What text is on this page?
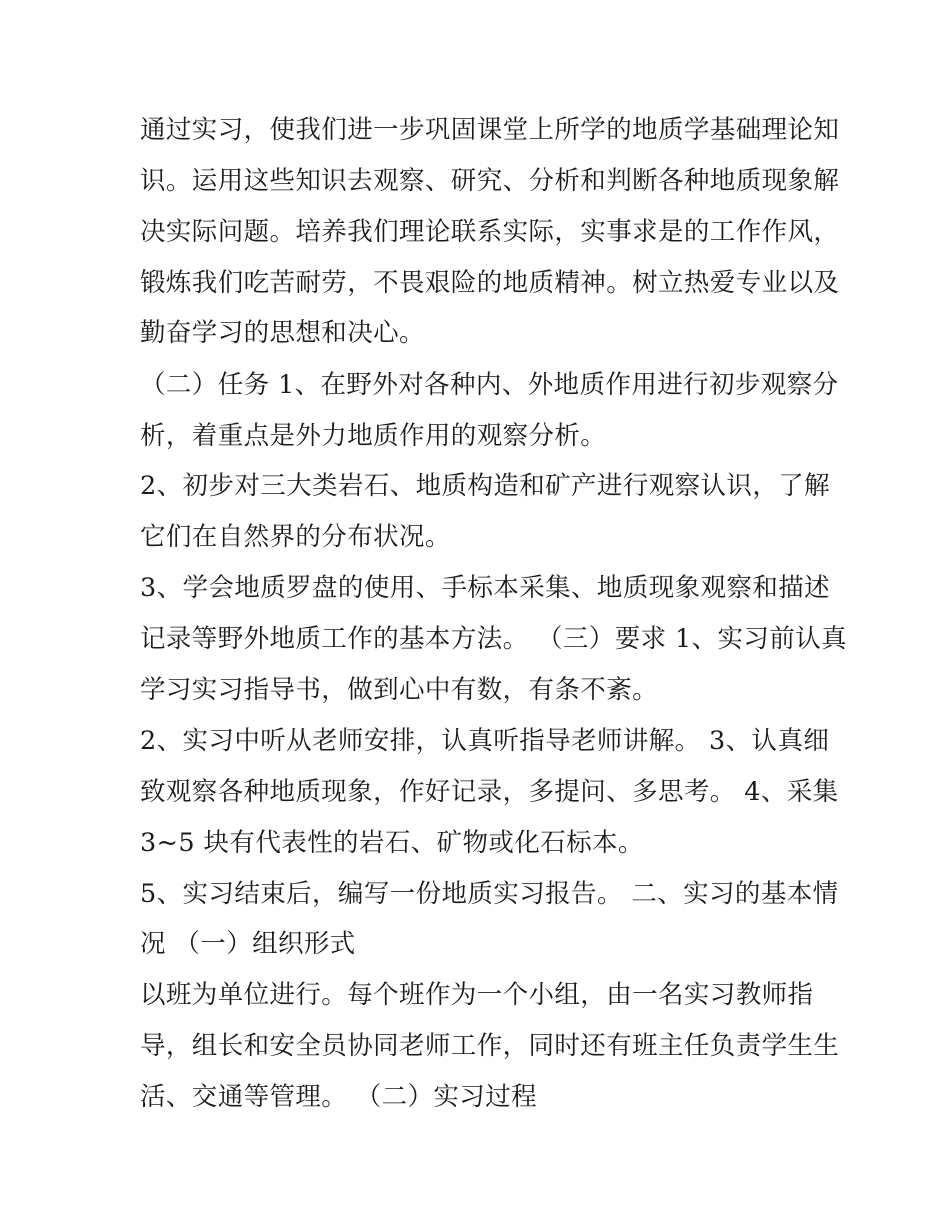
通过实习，使我们进一步巩固课堂上所学的地质学基础理论知
识。运用这些知识去观察、研究、分析和判断各种地质现象解
决实际问题。培养我们理论联系实际，实事求是的工作作风，
锻炼我们吃苦耐劳，不畏艰险的地质精神。树立热爱专业以及
勤奋学习的思想和决心。
（二）任务 1、在野外对各种内、外地质作用进行初步观察分
析，着重点是外力地质作用的观察分析。
2、初步对三大类岩石、地质构造和矿产进行观察认识，了解
它们在自然界的分布状况。
3、学会地质罗盘的使用、手标本采集、地质现象观察和描述
记录等野外地质工作的基本方法。 （三）要求 1、实习前认真
学习实习指导书，做到心中有数，有条不紊。
2、实习中听从老师安排，认真听指导老师讲解。 3、认真细
致观察各种地质现象，作好记录，多提问、多思考。 4、采集
3~5 块有代表性的岩石、矿物或化石标本。
5、实习结束后，编写一份地质实习报告。 二、实习的基本情
况 （一）组织形式
以班为单位进行。每个班作为一个小组，由一名实习教师指
导，组长和安全员协同老师工作，同时还有班主任负责学生生
活、交通等管理。 （二）实习过程
